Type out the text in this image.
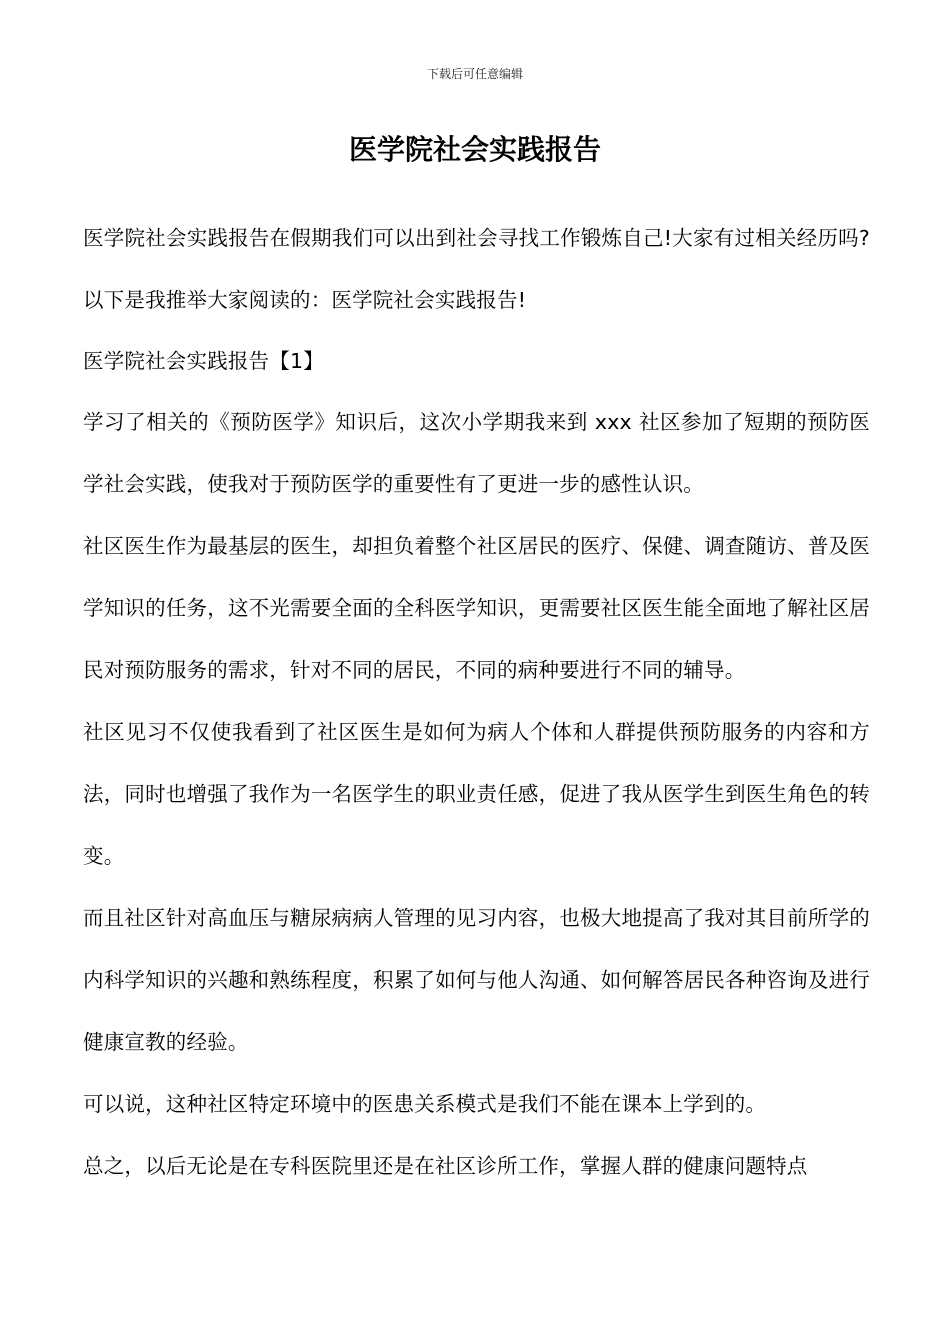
下载后可任意编辑
医学院社会实践报告

医学院社会实践报告在假期我们可以出到社会寻找工作锻炼自己!大家有过相关经历吗?以下是我推举大家阅读的：医学院社会实践报告!

医学院社会实践报告【1】

学习了相关的《预防医学》知识后，这次小学期我来到 xxx 社区参加了短期的预防医学社会实践，使我对于预防医学的重要性有了更进一步的感性认识。

社区医生作为最基层的医生，却担负着整个社区居民的医疗、保健、调查随访、普及医学知识的任务，这不光需要全面的全科医学知识，更需要社区医生能全面地了解社区居民对预防服务的需求，针对不同的居民，不同的病种要进行不同的辅导。

社区见习不仅使我看到了社区医生是如何为病人个体和人群提供预防服务的内容和方法，同时也增强了我作为一名医学生的职业责任感，促进了我从医学生到医生角色的转变。

而且社区针对高血压与糖尿病病人管理的见习内容，也极大地提高了我对其目前所学的内科学知识的兴趣和熟练程度，积累了如何与他人沟通、如何解答居民各种咨询及进行健康宣教的经验。

可以说，这种社区特定环境中的医患关系模式是我们不能在课本上学到的。

总之，以后无论是在专科医院里还是在社区诊所工作，掌握人群的健康问题特点
